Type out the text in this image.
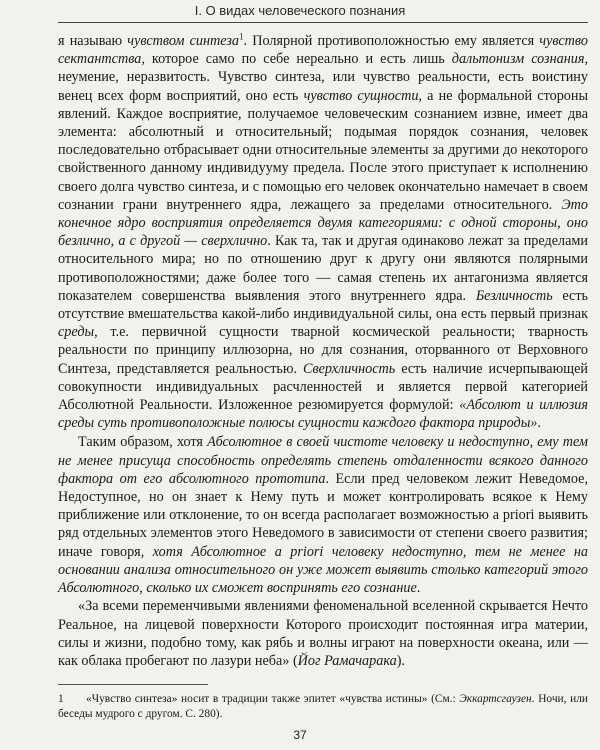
I. О видах человеческого познания

я называю чувством синтеза$^1$. Полярной противоположностью ему является чувство сектантства, которое само по себе нереально и есть лишь дальтонизм сознания, неумение, неразвитость. Чувство синтеза, или чувство реальности, есть воистину венец всех форм восприятий, оно есть чувство сущности, а не формальной стороны явлений. Каждое восприятие, получаемое человеческим сознанием извне, имеет два элемента: абсолютный и относительный; подымая порядок сознания, человек последовательно отбрасывает одни относительные элементы за другими до некоторого свойственного данному индивидууму предела. После этого приступает к исполнению своего долга чувство синтеза, и с помощью его человек окончательно намечает в своем сознании грани внутреннего ядра, лежащего за пределами относительного. Это конечное ядро восприятия определяется двумя категориями: с одной стороны, оно безлично, а с другой — сверхлично. Как та, так и другая одинаково лежат за пределами относительного мира; но по отношению друг к другу они являются полярными противоположностями; даже более того — самая степень их антагонизма является показателем совершенства выявления этого внутреннего ядра. Безличность есть отсутствие вмешательства какой-либо индивидуальной силы, она есть первый признак среды, т.е. первичной сущности тварной космической реальности; тварность реальности по принципу иллюзорна, но для сознания, оторванного от Верховного Синтеза, представляется реальностью. Сверхличность есть наличие исчерпывающей совокупности индивидуальных расчленностей и является первой категорией Абсолютной Реальности. Изложенное резюмируется формулой: «Абсолют и иллюзия среды суть противоположные полюсы сущности каждого фактора природы».

Таким образом, хотя Абсолютное в своей чистоте человеку и недоступно, ему тем не менее присуща способность определять степень отдаленности всякого данного фактора от его абсолютного прототипа. Если пред человеком лежит Неведомое, Недоступное, но он знает к Нему путь и может контролировать всякое к Нему приближение или отклонение, то он всегда располагает возможностью a priori выявить ряд отдельных элементов этого Неведомого в зависимости от степени своего развития; иначе говоря, хотя Абсолютное a priori человеку недоступно, тем не менее на основании анализа относительного он уже может выявить столько категорий этого Абсолютного, сколько их сможет воспринять его сознание.

«За всеми переменчивыми явлениями феноменальной вселенной скрывается Нечто Реальное, на лицевой поверхности Которого происходит постоянная игра материи, силы и жизни, подобно тому, как рябь и волны играют на поверхности океана, или — как облака пробегают по лазури неба» (Йог Рамачарака).

1 «Чувство синтеза» носит в традиции также эпитет «чувства истины» (См.: Эккартсгаузен. Ночи, или беседы мудрого с другом. С. 280).
37
